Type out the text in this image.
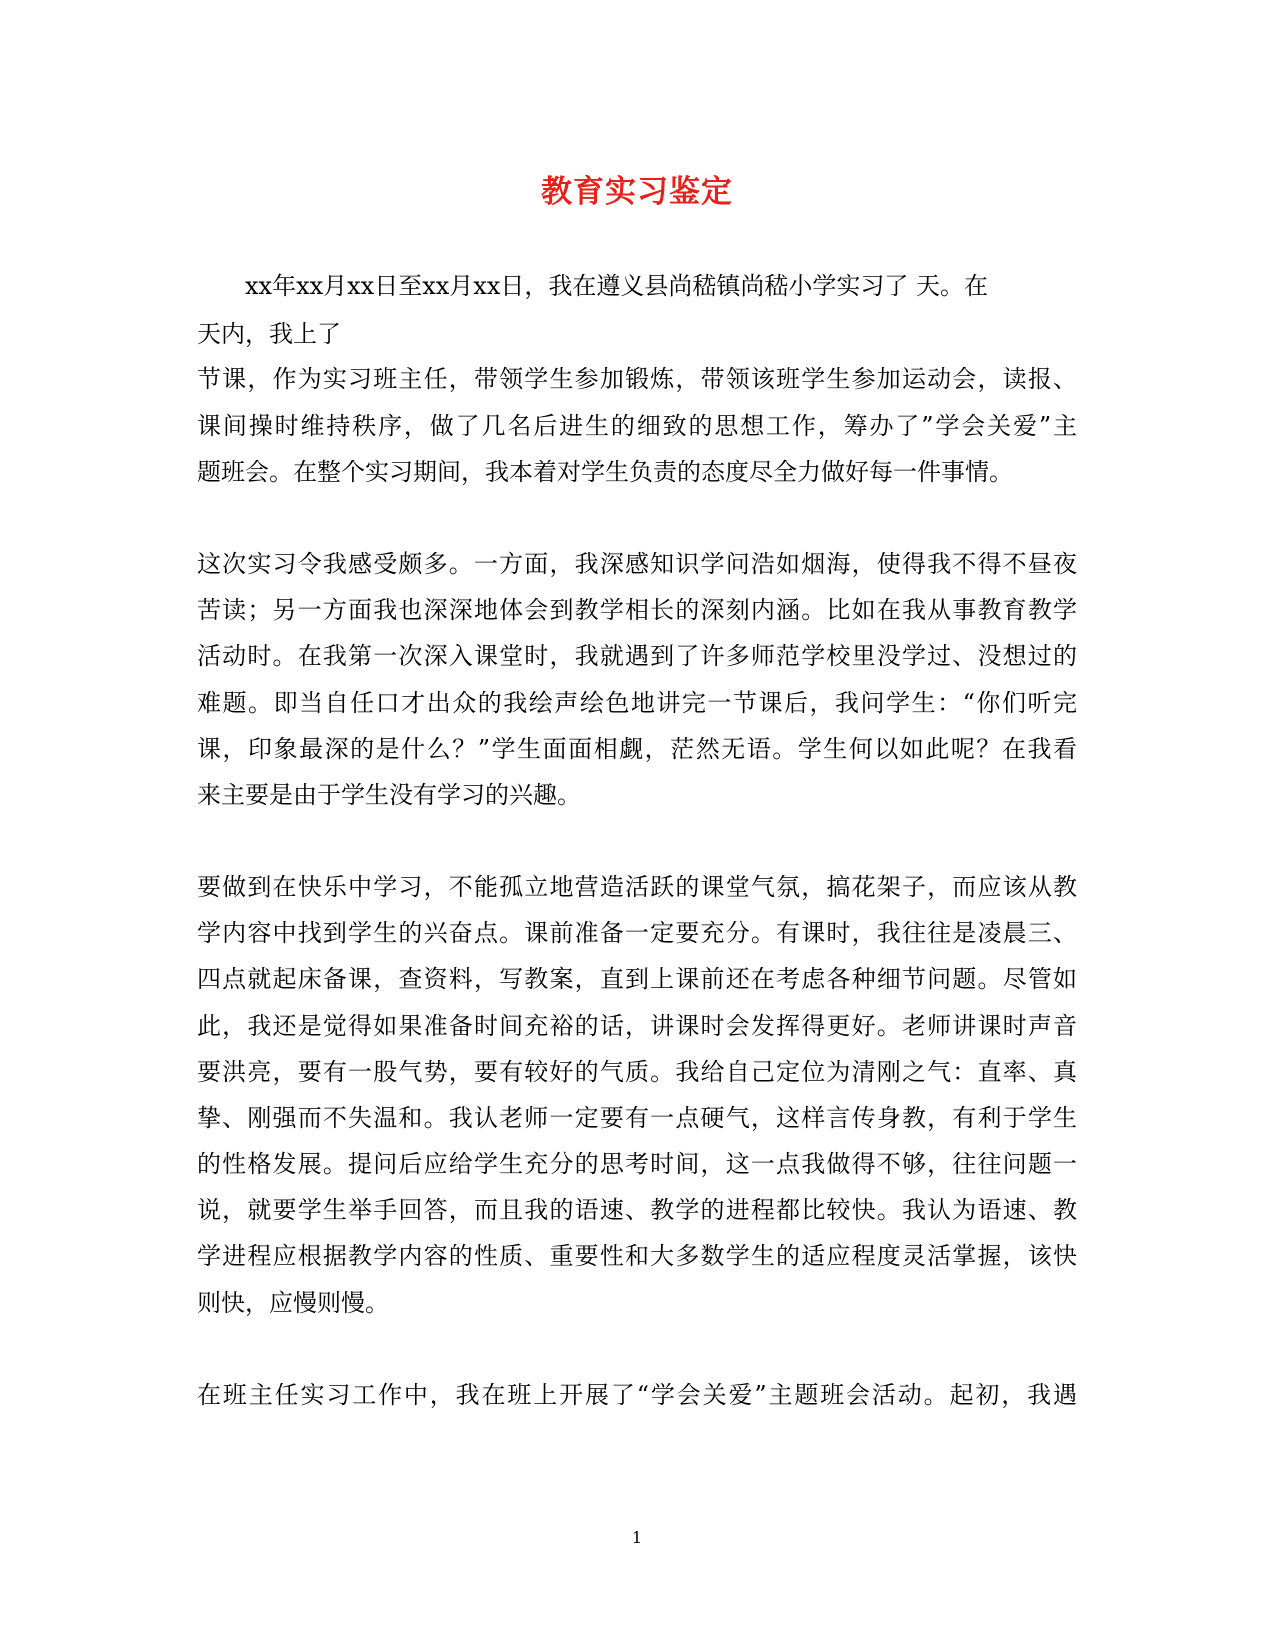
教育实习鉴定

　　xx年xx月xx日至xx月xx日，我在遵义县尚嵇镇尚嵇小学实习了 天。在

天内，我上了

节课，作为实习班主任，带领学生参加锻炼，带领该班学生参加运动会，读报、

课间操时维持秩序，做了几名后进生的细致的思想工作，筹办了”学会关爱”主

题班会。在整个实习期间，我本着对学生负责的态度尽全力做好每一件事情。

这次实习令我感受颇多。一方面，我深感知识学问浩如烟海，使得我不得不昼夜

苦读；另一方面我也深深地体会到教学相长的深刻内涵。比如在我从事教育教学

活动时。在我第一次深入课堂时，我就遇到了许多师范学校里没学过、没想过的

难题。即当自任口才出众的我绘声绘色地讲完一节课后，我问学生：“你们听完

课，印象最深的是什么？”学生面面相觑，茫然无语。学生何以如此呢？在我看

来主要是由于学生没有学习的兴趣。

要做到在快乐中学习，不能孤立地营造活跃的课堂气氛，搞花架子，而应该从教

学内容中找到学生的兴奋点。课前准备一定要充分。有课时，我往往是凌晨三、

四点就起床备课，查资料，写教案，直到上课前还在考虑各种细节问题。尽管如

此，我还是觉得如果准备时间充裕的话，讲课时会发挥得更好。老师讲课时声音

要洪亮，要有一股气势，要有较好的气质。我给自己定位为清刚之气：直率、真

挚、刚强而不失温和。我认老师一定要有一点硬气，这样言传身教，有利于学生

的性格发展。提问后应给学生充分的思考时间，这一点我做得不够，往往问题一

说，就要学生举手回答，而且我的语速、教学的进程都比较快。我认为语速、教

学进程应根据教学内容的性质、重要性和大多数学生的适应程度灵活掌握，该快

则快，应慢则慢。

在班主任实习工作中，我在班上开展了“学会关爱”主题班会活动。起初，我遇

1
